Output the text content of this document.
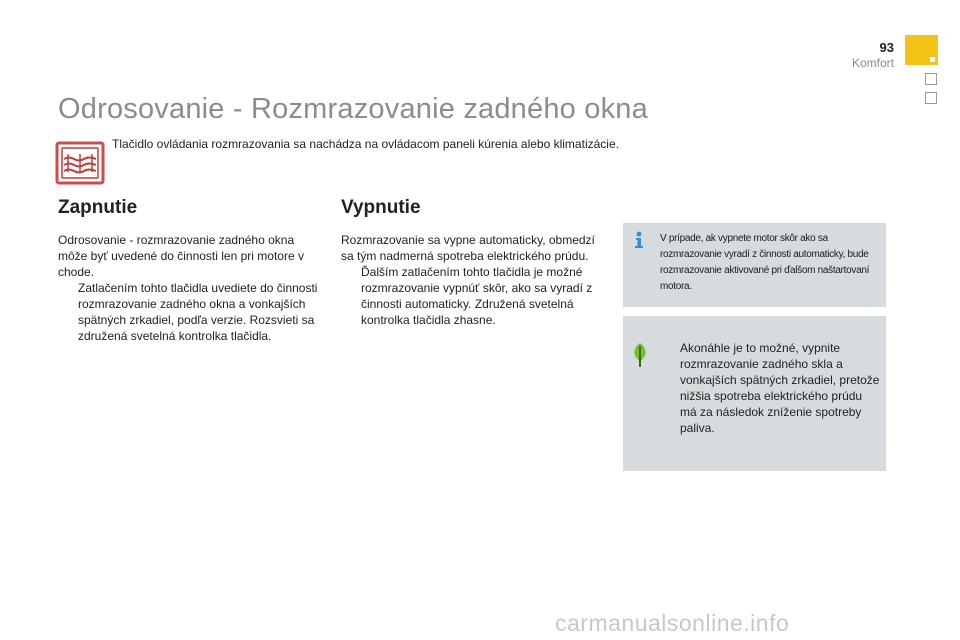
93
Komfort
Odrosovanie - Rozmrazovanie zadného okna
Tlačidlo ovládania rozmrazovania sa nachádza na ovládacom paneli kúrenia alebo klimatizácie.
Zapnutie
Odrosovanie - rozmrazovanie zadného okna môže byť uvedené do činnosti len pri motore v chode.
Zatlačením tohto tlačidla uvediete do činnosti rozmrazovanie zadného okna a vonkajších spätných zrkadiel, podľa verzie. Rozsvieti sa združená svetelná kontrolka tlačidla.
Vypnutie
Rozmrazovanie sa vypne automaticky, obmedzí sa tým nadmerná spotreba elektrického prúdu.
Ďalším zatlačením tohto tlačidla je možné rozmrazovanie vypnúť skôr, ako sa vyradí z činnosti automaticky. Združená svetelná kontrolka tlačidla zhasne.
V prípade, ak vypnete motor skôr ako sa rozmrazovanie vyradí z činnosti automaticky, bude rozmrazovanie aktivované pri ďalšom naštartovaní motora.
Akonáhle je to možné, vypnite rozmrazovanie zadného skla a vonkajších spätných zrkadiel, pretože nižšia spotreba elektrického prúdu má za následok zníženie spotreby paliva.
carmanualsonline.info
